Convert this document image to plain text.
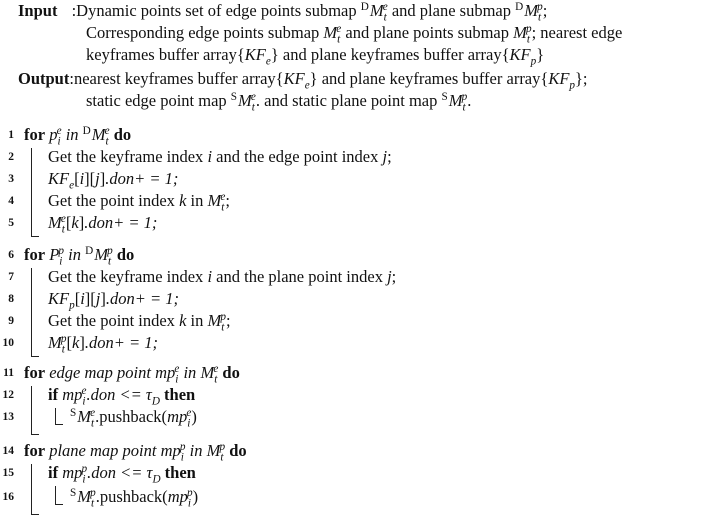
Input :Dynamic points set of edge points submap $^DM_t^e$ and plane submap $^DM_t^p$;
Corresponding edge points submap $M_t^e$ and plane points submap $M_t^p$; nearest edge
keyframes buffer $array\{KF_e\}$ and plane keyframes buffer $array\{KF_p\}$
Output:nearest keyframes buffer $array\{KF_e\}$ and plane keyframes buffer $array\{KF_p\}$;
static edge point map $^SM_t^e$. and static plane point map $^SM_t^p$.
1 for $p_i^e$ in $^DM_t^e$ do
2 Get the keyframe index i and the edge point index j;
3 $KF_e[i][j].don+ = 1$;
4 Get the point index k in $M_t^e$;
5 $M_t^e[k].don+ = 1$;
6 for $P_i^p$ in $^DM_t^p$ do
7 Get the keyframe index i and the plane point index j;
8 $KF_p[i][j].don+ = 1$;
9 Get the point index k in $M_t^p$;
10 $M_t^p[k].don+ = 1$;
11 for edge map point $mp_i^e$ in $M_t^e$ do
12 if $mp_i^e.don <= \tau_D$ then
13	$^SM_t^e.pushback(mp_i^e)$
14 for plane map point $mp_i^p$ in $M_t^p$ do
15 if $mp_i^p.don <= \tau_D$ then
16	$^SM_t^p.pushback(mp_i^p)$
